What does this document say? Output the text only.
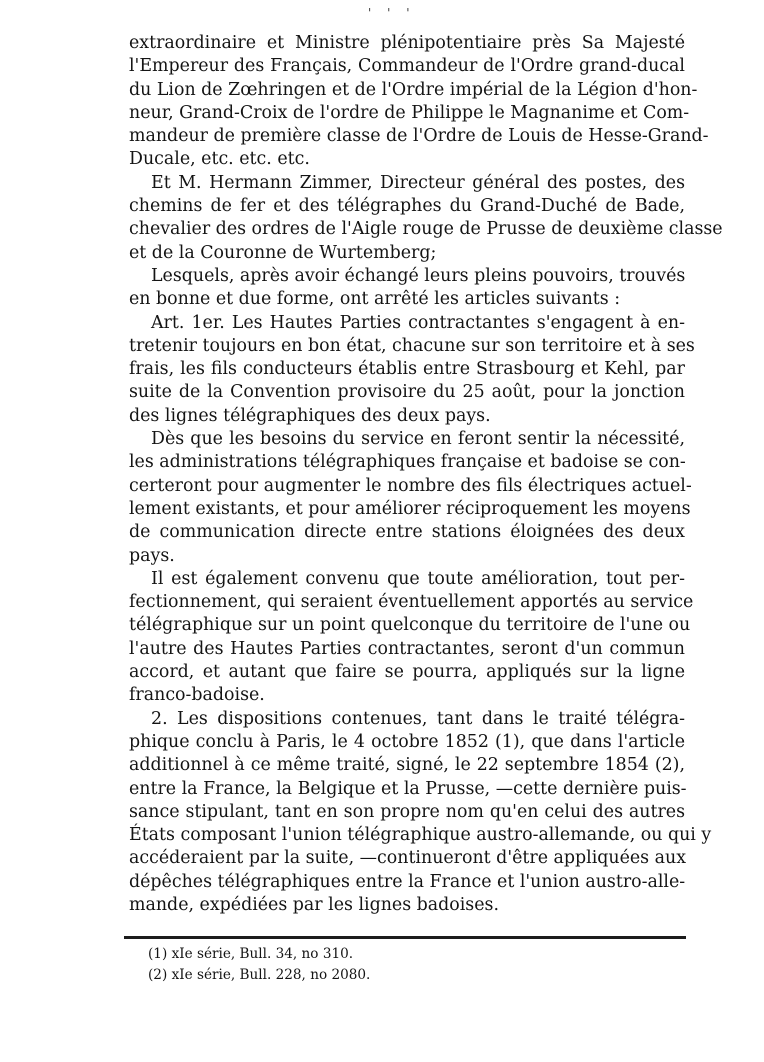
' ' '
extraordinaire et Ministre plénipotentiaire près Sa Majesté
l'Empereur des Français, Commandeur de l'Ordre grand-ducal
du Lion de Zœhringen et de l'Ordre impérial de la Légion d'hon-
neur, Grand-Croix de l'ordre de Philippe le Magnanime et Com-
mandeur de première classe de l'Ordre de Louis de Hesse-Grand-
Ducale, etc. etc. etc.
Et M. Hermann Zimmer, Directeur général des postes, des
chemins de fer et des télégraphes du Grand-Duché de Bade,
chevalier des ordres de l'Aigle rouge de Prusse de deuxième classe
et de la Couronne de Wurtemberg;
Lesquels, après avoir échangé leurs pleins pouvoirs, trouvés
en bonne et due forme, ont arrêté les articles suivants :
Art. 1er. Les Hautes Parties contractantes s'engagent à en-
tretenir toujours en bon état, chacune sur son territoire et à ses
frais, les fils conducteurs établis entre Strasbourg et Kehl, par
suite de la Convention provisoire du 25 août, pour la jonction
des lignes télégraphiques des deux pays.
Dès que les besoins du service en feront sentir la nécessité,
les administrations télégraphiques française et badoise se con-
certeront pour augmenter le nombre des fils électriques actuel-
lement existants, et pour améliorer réciproquement les moyens
de communication directe entre stations éloignées des deux
pays.
Il est également convenu que toute amélioration, tout per-
fectionnement, qui seraient éventuellement apportés au service
télégraphique sur un point quelconque du territoire de l'une ou
l'autre des Hautes Parties contractantes, seront d'un commun
accord, et autant que faire se pourra, appliqués sur la ligne
franco-badoise.
2. Les dispositions contenues, tant dans le traité télégra-
phique conclu à Paris, le 4 octobre 1852 (1), que dans l'article
additionnel à ce même traité, signé, le 22 septembre 1854 (2),
entre la France, la Belgique et la Prusse, —cette dernière puis-
sance stipulant, tant en son propre nom qu'en celui des autres
États composant l'union télégraphique austro-allemande, ou qui y
accéderaient par la suite, —continueront d'être appliquées aux
dépêches télégraphiques entre la France et l'union austro-alle-
mande, expédiées par les lignes badoises.
(1) xIe série, Bull. 34, no 310.
(2) xIe série, Bull. 228, no 2080.
